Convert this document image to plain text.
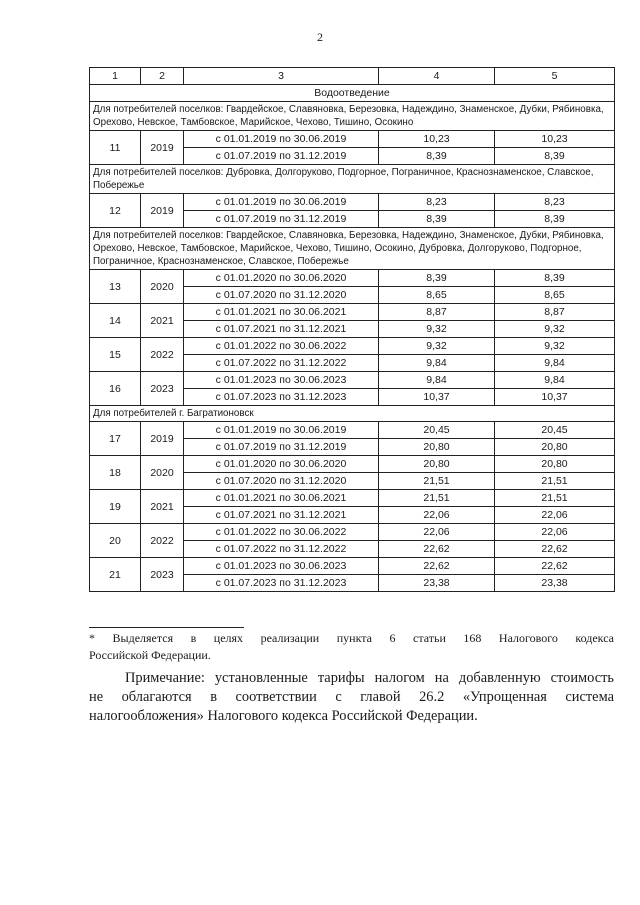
2
1	2	3	4	5
Водоотведение				
Для потребителей поселков: Гвардейское, Славяновка, Березовка, Надеждино, Знаменское, Дубки, Рябиновка, Орехово, Невское, Тамбовское, Марийское, Чехово, Тишино, Осокино				
11	2019	с 01.01.2019 по 30.06.2019	10,23	10,23
		с 01.07.2019 по 31.12.2019	8,39	8,39
Для потребителей поселков: Дубровка, Долгоруково, Подгорное, Пограничное, Краснознаменское, Славское, Побережье				
12	2019	с 01.01.2019 по 30.06.2019	8,23	8,23
		с 01.07.2019 по 31.12.2019	8,39	8,39
Для потребителей поселков: Гвардейское, Славяновка, Березовка, Надеждино, Знаменское, Дубки, Рябиновка, Орехово, Невское, Тамбовское, Марийское, Чехово, Тишино, Осокино, Дубровка, Долгоруково, Подгорное, Пограничное, Краснознаменское, Славское, Побережье				
13	2020	с 01.01.2020 по 30.06.2020	8,39	8,39
		с 01.07.2020 по 31.12.2020	8,65	8,65
14	2021	с 01.01.2021 по 30.06.2021	8,87	8,87
		с 01.07.2021 по 31.12.2021	9,32	9,32
15	2022	с 01.01.2022 по 30.06.2022	9,32	9,32
		с 01.07.2022 по 31.12.2022	9,84	9,84
16	2023	с 01.01.2023 по 30.06.2023	9,84	9,84
		с 01.07.2023 по 31.12.2023	10,37	10,37
Для потребителей г. Багратионовск				
17	2019	с 01.01.2019 по 30.06.2019	20,45	20,45
		с 01.07.2019 по 31.12.2019	20,80	20,80
18	2020	с 01.01.2020 по 30.06.2020	20,80	20,80
		с 01.07.2020 по 31.12.2020	21,51	21,51
19	2021	с 01.01.2021 по 30.06.2021	21,51	21,51
		с 01.07.2021 по 31.12.2021	22,06	22,06
20	2022	с 01.01.2022 по 30.06.2022	22,06	22,06
		с 01.07.2022 по 31.12.2022	22,62	22,62
21	2023	с 01.01.2023 по 30.06.2023	22,62	22,62
		с 01.07.2023 по 31.12.2023	23,38	23,38
* Выделяется в целях реализации пункта 6 статьи 168 Налогового кодекса
Российской Федерации.
Примечание: установленные тарифы налогом на добавленную стоимость
не облагаются в соответствии с главой 26.2 «Упрощенная система
налогообложения» Налогового кодекса Российской Федерации.
